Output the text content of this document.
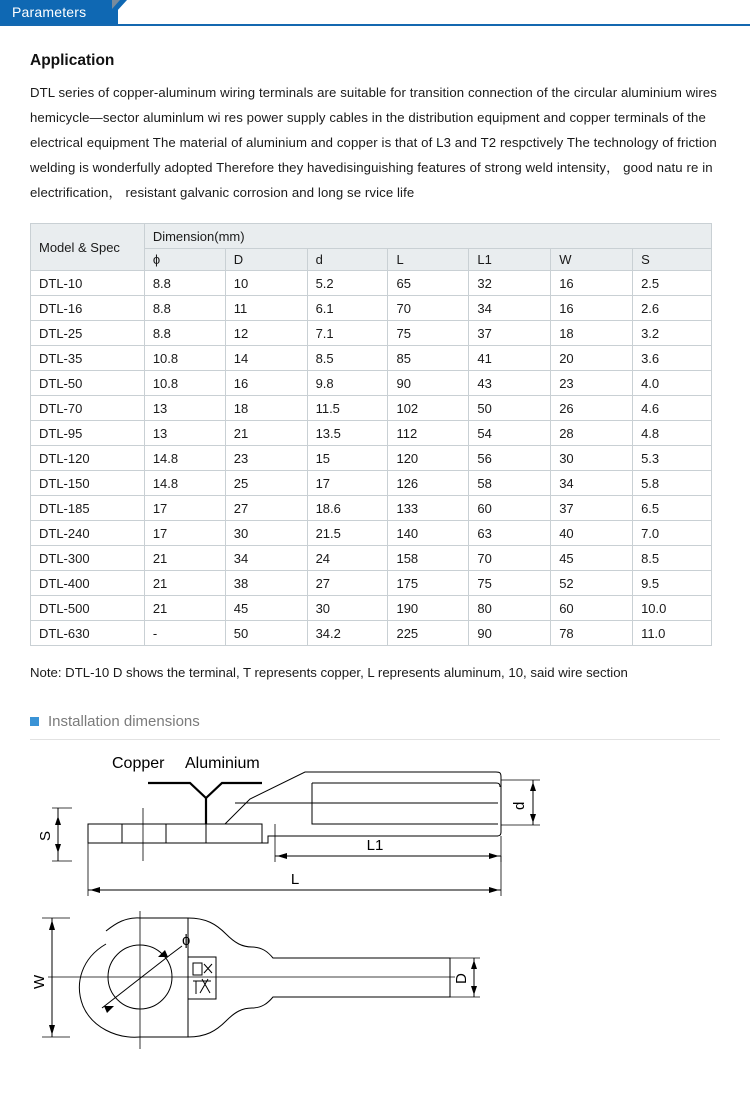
Parameters
Application

DTL series of copper-aluminum wiring terminals are suitable for transition connection of the circular aluminium wires hemicycle—sector aluminlum wi res power supply cables in the distribution equipment and copper terminals of the electrical equipment The material of aluminium and copper is that of L3 and T2 respctively The technology of friction welding is wonderfully adopted Therefore they havedisinguishing features of strong weld intensity， good natu re in electrification， resistant galvanic corrosion and long se rvice life

Model & Spec	Dimension(mm)						
	ϕ	D	d	L	L1	W	S
DTL-10	8.8	10	5.2	65	32	16	2.5
DTL-16	8.8	11	6.1	70	34	16	2.6
DTL-25	8.8	12	7.1	75	37	18	3.2
DTL-35	10.8	14	8.5	85	41	20	3.6
DTL-50	10.8	16	9.8	90	43	23	4.0
DTL-70	13	18	11.5	102	50	26	4.6
DTL-95	13	21	13.5	112	54	28	4.8
DTL-120	14.8	23	15	120	56	30	5.3
DTL-150	14.8	25	17	126	58	34	5.8
DTL-185	17	27	18.6	133	60	37	6.5
DTL-240	17	30	21.5	140	63	40	7.0
DTL-300	21	34	24	158	70	45	8.5
DTL-400	21	38	27	175	75	52	9.5
DTL-500	21	45	30	190	80	60	10.0
DTL-630	-	50	34.2	225	90	78	11.0

Note: DTL-10 D shows the terminal, T represents copper, L represents aluminum, 10, said wire section

Installation dimensions
Copper Aluminium
S
d
L1
L
ɸ
W	D
